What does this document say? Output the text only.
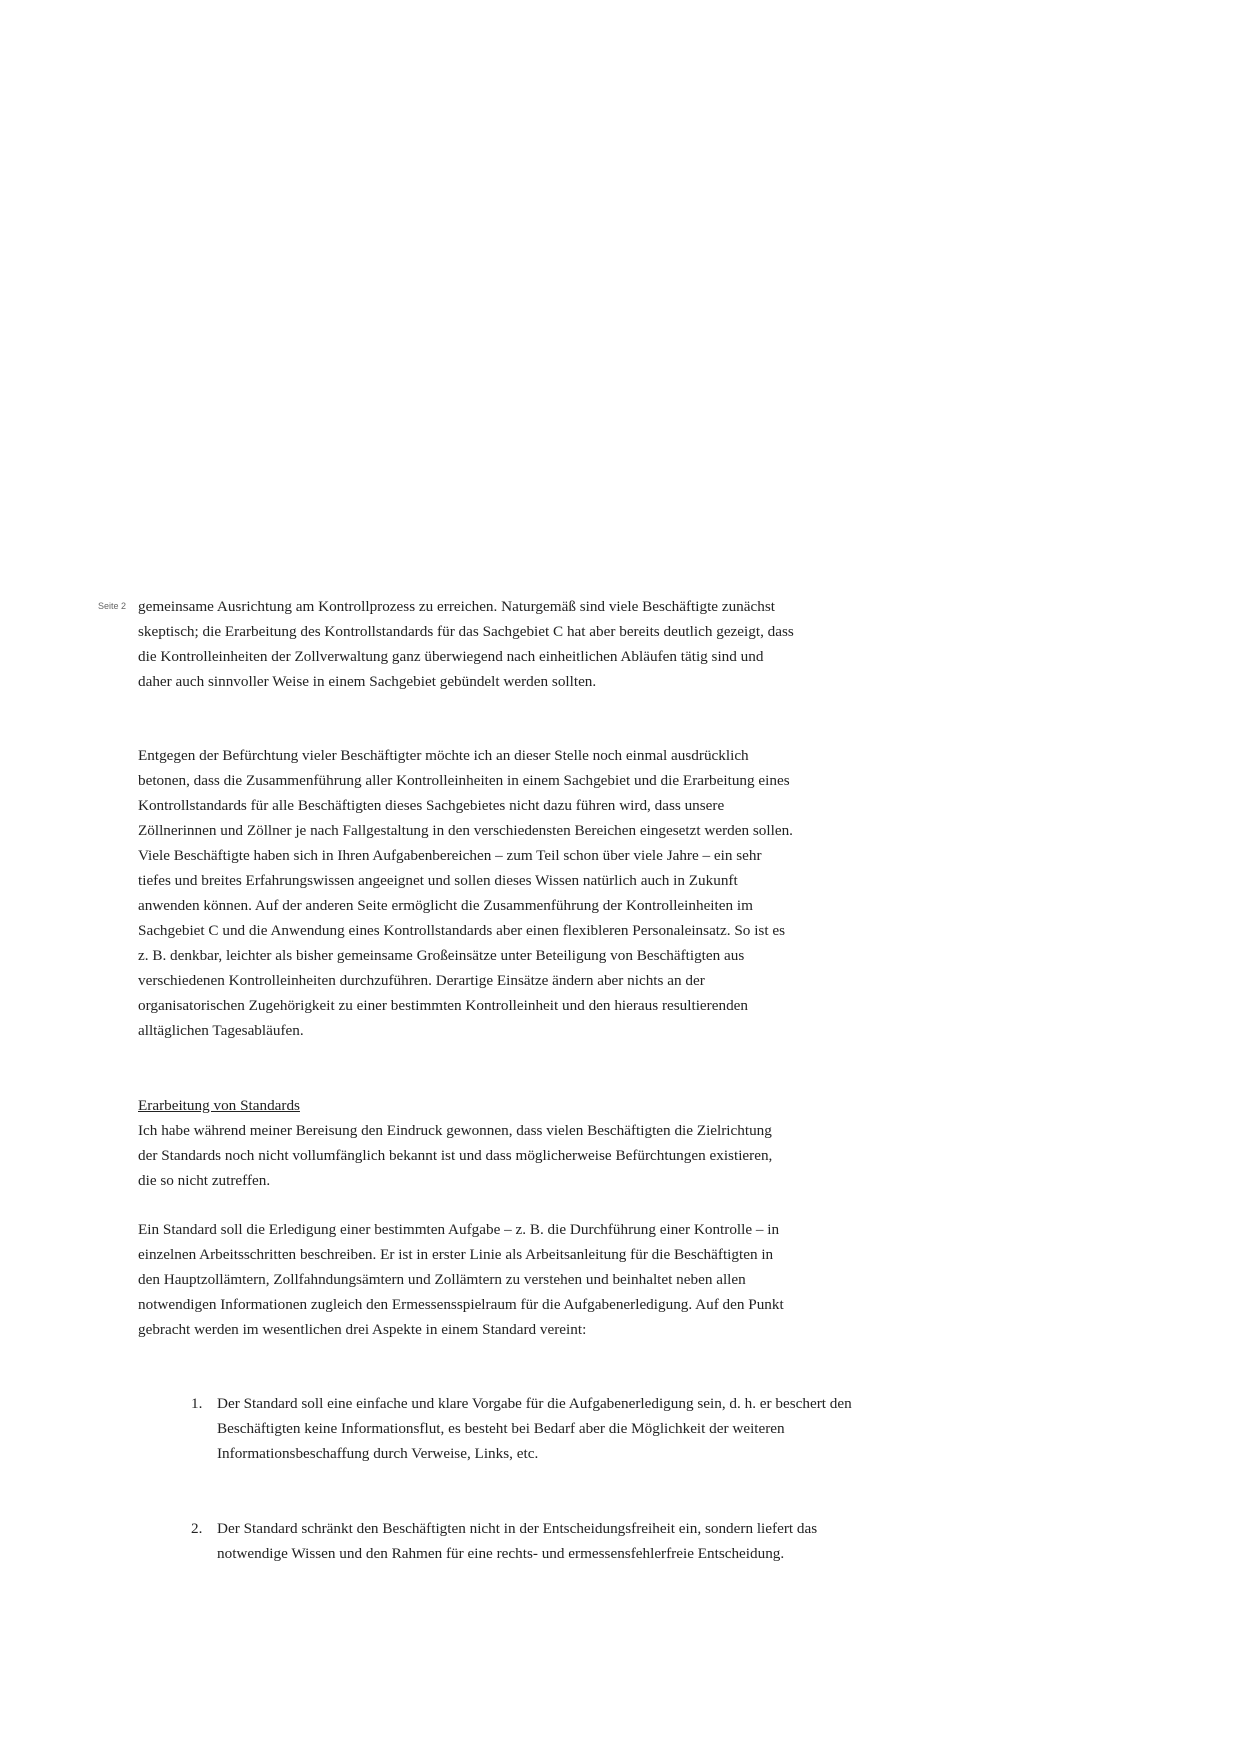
Seite 2 gemeinsame Ausrichtung am Kontrollprozess zu erreichen. Naturgemäß sind viele Beschäftigte zunächst skeptisch; die Erarbeitung des Kontrollstandards für das Sachgebiet C hat aber bereits deutlich gezeigt, dass die Kontrolleinheiten der Zollverwaltung ganz überwiegend nach einheitlichen Abläufen tätig sind und daher auch sinnvoller Weise in einem Sachgebiet gebündelt werden sollten.

Entgegen der Befürchtung vieler Beschäftigter möchte ich an dieser Stelle noch einmal ausdrücklich betonen, dass die Zusammenführung aller Kontrolleinheiten in einem Sachgebiet und die Erarbeitung eines Kontrollstandards für alle Beschäftigten dieses Sachgebietes nicht dazu führen wird, dass unsere Zöllnerinnen und Zöllner je nach Fallgestaltung in den verschiedensten Bereichen eingesetzt werden sollen. Viele Beschäftigte haben sich in Ihren Aufgabenbereichen – zum Teil schon über viele Jahre – ein sehr tiefes und breites Erfahrungswissen angeeignet und sollen dieses Wissen natürlich auch in Zukunft anwenden können. Auf der anderen Seite ermöglicht die Zusammenführung der Kontrolleinheiten im Sachgebiet C und die Anwendung eines Kontrollstandards aber einen flexibleren Personaleinsatz. So ist es z. B. denkbar, leichter als bisher gemeinsame Großeinsätze unter Beteiligung von Beschäftigten aus verschiedenen Kontrolleinheiten durchzuführen. Derartige Einsätze ändern aber nichts an der organisatorischen Zugehörigkeit zu einer bestimmten Kontrolleinheit und den hieraus resultierenden alltäglichen Tagesabläufen.

Erarbeitung von Standards

Ich habe während meiner Bereisung den Eindruck gewonnen, dass vielen Beschäftigten die Zielrichtung der Standards noch nicht vollumfänglich bekannt ist und dass möglicherweise Befürchtungen existieren, die so nicht zutreffen.

Ein Standard soll die Erledigung einer bestimmten Aufgabe – z. B. die Durchführung einer Kontrolle – in einzelnen Arbeitsschritten beschreiben. Er ist in erster Linie als Arbeitsanleitung für die Beschäftigten in den Hauptzollämtern, Zollfahndungsämtern und Zollämtern zu verstehen und beinhaltet neben allen notwendigen Informationen zugleich den Ermessensspielraum für die Aufgabenerledigung. Auf den Punkt gebracht werden im wesentlichen drei Aspekte in einem Standard vereint:

1. Der Standard soll eine einfache und klare Vorgabe für die Aufgabenerledigung sein, d. h. er beschert den Beschäftigten keine Informationsflut, es besteht bei Bedarf aber die Möglichkeit der weiteren Informationsbeschaffung durch Verweise, Links, etc.
2. Der Standard schränkt den Beschäftigten nicht in der Entscheidungsfreiheit ein, sondern liefert das notwendige Wissen und den Rahmen für eine rechts- und ermessensfehlerfreie Entscheidung.
